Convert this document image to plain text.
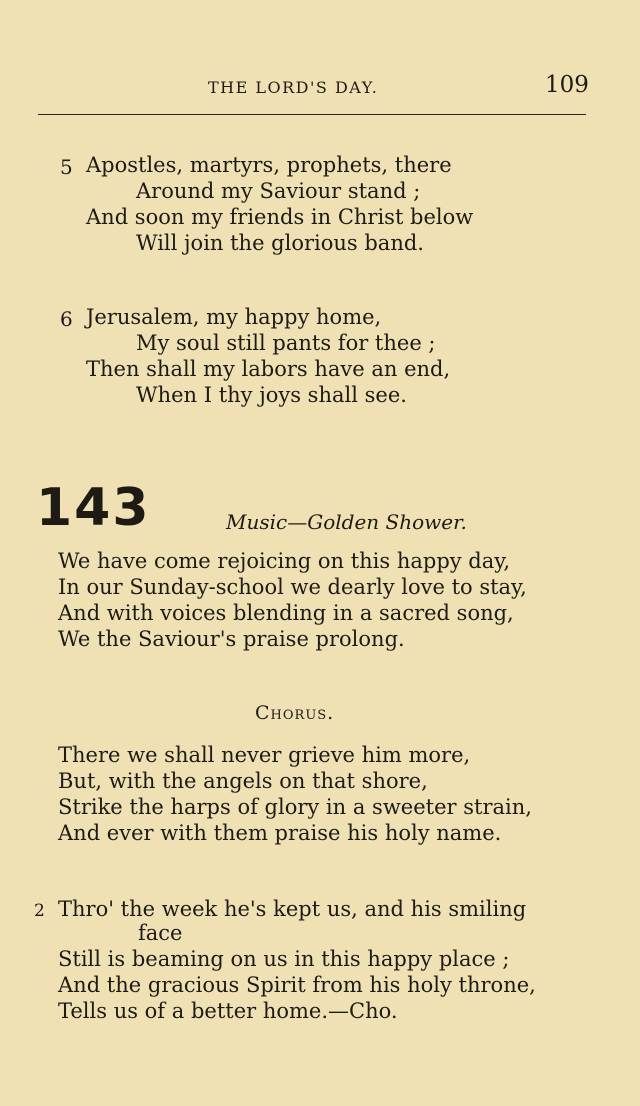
THE LORD'S DAY.	109
5 Apostles, martyrs, prophets, there
Around my Saviour stand ;
And soon my friends in Christ below
Will join the glorious band.
6 Jerusalem, my happy home,
My soul still pants for thee ;
Then shall my labors have an end,
When I thy joys shall see.
143	Music—Golden Shower.
We have come rejoicing on this happy day,
In our Sunday-school we dearly love to stay,
And with voices blending in a sacred song,
We the Saviour's praise prolong.
Chorus.
There we shall never grieve him more,
But, with the angels on that shore,
Strike the harps of glory in a sweeter strain,
And ever with them praise his holy name.
2 Thro' the week he's kept us, and his smiling
face
Still is beaming on us in this happy place ;
And the gracious Spirit from his holy throne,
Tells us of a better home.—Cho.
